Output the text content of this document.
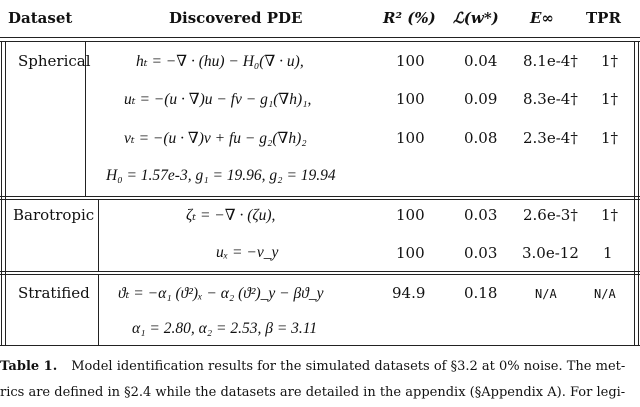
Dataset	Discovered PDE	R² (%) ℒ(w*) E∞ TPR
Spherical	hₜ = −∇ · (hu) − H₀(∇ · u),	100	0.04 8.1e-4† 1†
uₜ = −(u · ∇)u − fv − g₁(∇h)₁,	100	0.09 8.3e-4† 1†
vₜ = −(u · ∇)v + fu − g₂(∇h)₂	100	0.08 2.3e-4† 1†
H₀ = 1.57e-3, g₁ = 19.96, g₂ = 19.94
Barotropic	ζₜ = −∇ · (ζu),	100	0.03 2.6e-3† 1†
uₓ = −v_y	100	0.03 3.0e-12 1
Stratified ϑₜ = −α₁ (ϑ²)ₓ − α₂ (ϑ²)_y − βϑ_y	94.9	0.18	N/A	N/A
α₁ = 2.80, α₂ = 2.53, β = 3.11
Table 1. Model identification results for the simulated datasets of §3.2 at 0% noise. The met-
rics are defined in §2.4 while the datasets are detailed in the appendix (§Appendix A). For legi-
